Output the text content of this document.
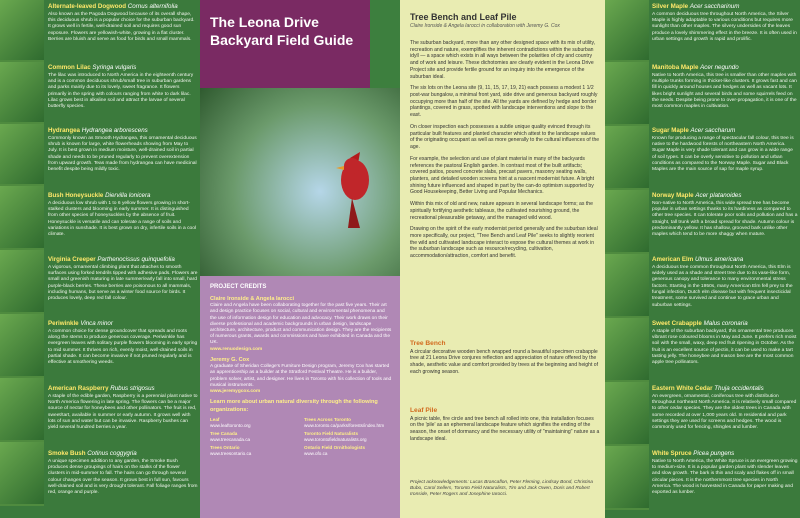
The Leona Drive Backyard Field Guide
Alternate-leaved Dogwood Cornus alternifolia

Also known as the Pagoda Dogwood because of its overall shape, this deciduous shrub is a popular choice for the suburban backyard. It grows well in fertile, well-drained soil and requires good sun exposure. Flowers are yellowish-white, growing in a flat cluster. Berries are bluish and serve as food for birds and small mammals.

Common Lilac Syringa vulgaris

The lilac was introduced to North America in the eighteenth century and is a common deciduous shrub/small tree in suburban gardens and parks mainly due to its lovely, sweet fragrance. It flowers primarily in the spring with colours ranging from white to dark lilac. Lilac grows best in alkaline soil and attract the larvae of several butterfly species.

Hydrangea Hydrangea arborescens

Commonly known as Smooth Hydrangea, this ornamental deciduous shrub is known for large, white flowerheads showing from May to July. It is best grown in medium moisture, well-drained soil in partial shade and needs to be pruned regularly to prevent overextension from upward growth. Teas made from hydrangea can have medicinal benefit despite being mildly toxic.

Bush Honeysuckle Diervilla lonicera

A deciduous low shrub with 1 to 6 yellow flowers growing in short-stalked clusters and blooming in early summer. It is distinguished from other species of honeysuckles by the absence of fruit. Honeysuckle is versatile and can tolerate a range of soils and variations in sunshade. It is best grown on dry, infertile soils in a cool climate.

Virginia Creeper Parthenocissus quinquefolia

A vigorous, ornamental climbing plant that attaches to smooth surfaces using forked tendrils tipped with adhesive pads. Flowers are small and greenish maturing in late summer/early fall into small, hard purple-black berries. These berries are poisonous to all mammals, including humans, but serve as a winter food source for birds. It produces lovely, deep red fall colour.

Periwinkle Vinca minor

A common choice for dense groundcover that spreads and roots along the stems to produce generous coverage. Periwinkle has evergreen leaves with solitary purple flowers blooming in early spring to mid summer. It thrives on rich, evenly moist, well-drained soils in partial shade. It can become invasive if not pruned regularly and is effective at smothering weeds.

American Raspberry Rubus strigosus

A staple of the edible garden, Raspberry is a perennial plant native to North America flowering in late spring. The flowers can be a major source of nectar for honeybees and other pollinators. The fruit is red, sweet/tart, available in summer or early autumn. It grows well with lots of sun and water but can be invasive. Raspberry bushes can yield several hundred berries a year.

Smoke Bush Cotinus coggygria

A unique specimen addition to any garden, the Smoke Bush produces dense groupings of hairs on the stalks of the flower clusters in mid-summer to fall. The hairs can go through several colour changes over the season. It grows best in full sun, favours well-drained soil and is very drought tolerant. Fall foliage ranges from red, orange and purple.

Silver Maple Acer saccharinum

A common deciduous tree throughout North America, the Silver Maple is highly adaptable to various conditions but requires more sunlight than other maples. The silvery undersides of the leaves produce a lovely shimmering effect in the breeze. It is often used in urban settings and growth is rapid and prolific.

Manitoba Maple Acer negundo

Native to North America, this tree is smaller than other maples with multiple trunks forming in thicket-like clusters. It grows fast and can fill in quickly around houses and hedges as well as vacant lots. It likes bright sunlight and several birds and some squirrels feed on the seeds. Despite being prone to over-propagation, it is one of the most common maples in cultivation.

Sugar Maple Acer saccharum

Known for producing a range of spectacular fall colour, this tree is native to the hardwood forests of northeastern North America. Sugar Maple is very shade tolerant and can grow in a wide range of soil types. It can be overly sensitive to pollution and urban conditions as compared to the Norway Maple. Sugar and Black Maples are the main source of sap for maple syrup.

Norway Maple Acer platanoides

Non-native to North America, this wide spread tree has become popular in urban settings thanks to its hardiness as compared to other tree species. It can tolerate poor soils and pollution and has a straight, tall trunk with a broad spread for shade. Autumn colour is predominantly yellow. It has shallow, grooved bark unlike other maples which tend to be more shaggy when mature.

American Elm Ulmus americana

A deciduous tree common throughout North America, this Elm is widely used as a shade and street tree due to its vase-like form, generous canopy and tolerance to many environmental stress factors. Starting in the 1950s, many American Elm fell prey to the fungal infection, Dutch elm disease but with frequent insecticidal treatment, some survived and continue to grace urban and suburban settings.

Sweet Crabapple Malus coronaria

A staple of the suburban backyard, this ornamental tree produces vibrant rose coloured blooms in May and June. It prefers rich moist soil with the small, waxy, deep red fruit ripening in October. As the fruit is an excellent source of pectin, it can be used to make a tart tasting jelly. The honeybee and mason bee are the most common apple tree pollinators.

Eastern White Cedar Thuja occidentalis

An evergreen, ornamental, coniferous tree with distribution throughout northeast North America. It is relatively small compared to other cedar species. They are the oldest trees in Canada with some recorded at over 1,000 years old. In residential and park settings they are used for screens and hedges. The wood is commonly used for fencing, shingles and lumber.

White Spruce Picea pungens

Native to North America, the White Spruce is an evergreen growing to medium-size. It is a popular garden plant with slender leaves and slow growth. The bark is thin and scaly and flakes off in small circular pieces. It is the northernmost tree species in North America. The wood is harvested in Canada for paper making and exported as lumber.

Tree Bench and Leaf Pile
Claire Ironside & Angela Iarocci in collaboration with Jeremy G. Cox

The suburban backyard, more than any other designed space with its mix of utility, recreation and nature, exemplifies the inherent contradictions within the suburban idyll — a space which exists in all ways between the polarities of city and country and of work and leisure. These dichotomies are clearly evident in the Leona Drive Project site and provide fertile ground for an inquiry into the emergence of the suburban ideal.

The six lots on the Leona site (9, 11, 15, 17, 19, 21) each possess a modest 1 1/2 post-war bungalow, a minimal front yard, side drive and generous backyard roughly occupying more than half of the site. All the yards are defined by hedge and border plantings, covered in grass, spotted with landscape interventions and slope to the east.

On closer inspection each possesses a subtle unique quality evinced through its particular built features and planted character which attest to the landscape values of the originating occupant as well as more generally to the cultural influences of the age.

For example, the selection and use of plant material in many of the backyards references the pastoral English garden. In contrast most of the built artifacts; covered patios, poured concrete slabs, precast pavers, masonry seating walls, planters, and detailed wooden screens hint at a nascent modernist future. A bright shining future influenced and shaped in part by the can-do optimism supported by Good Housekeeping, Better Living and Popular Mechanics.

Within this mix of old and new, nature appears in several landscape forms; as the spiritually fortifying aesthetic tableaux, the cultivated nourishing ground, the recreational pleasurable getaway, and the managed wild wood.

Drawing on the spirit of the early modernist period generally and the suburban ideal more specifically, our project, "Tree Bench and Leaf Pile" seeks to slightly reorient the wild and cultivated landscape interact to expose the cultural themes at work in the suburban landscape such as resource/recycling, cultivation, accommodation/attraction, comfort and benefit.

Tree Bench

A circular decorative wooden bench wrapped round a beautiful specimen crabapple tree at 21 Leona Drive conjures reflection and appreciation of nature offered by the shade, aesthetic value and comfort provided by trees at the beginning and height of each growing season.

Leaf Pile

A picnic table, fire circle and tree bench all rolled into one, this installation focuses on the 'pile' as an ephemeral landscape feature which signifies the ending of the season, the onset of dormancy and the necessary utility of "maintaining" nature as a landscape ideal.

Project acknowledgements: Lucas Brancaflon, Peter Fleming, Lindsay Bond, Christina Bubo, Carol Sellers, Toronto Field Naturalists, Tim and Jack Owen, Doris and Robert Ironside, Peter Rogers and Josephine Iarocci.
PROJECT CREDITS
Claire Ironside & Angela Iarocci

Claire and Angela have been collaborating together for the past five years. Their art and design practice focuses on social, cultural and environmental phenomena and the use of information design for education and advocacy. Their work draws on their diverse professional and academic backgrounds in urban design, landscape architecture, architecture, product and communication design. They are the recipients of numerous grants, awards and commissions and have exhibited in Canada and the UK.

www.renuodesign.com

Jeremy G. Cox

A graduate of Sheridan College's Furniture Design program, Jeremy Cox has started an apprenticeship as a builder at the Stratford Festival Theatre. He is a builder, problem solver, artist, and designer. He lives in Toronto with his collection of tools and musical instruments.

www.jeremygcox.com

Learn more about urban natural diversity through the following organizations:
Leaf
www.leaftoronto.org
Trees Across Toronto
www.toronto.ca/parks/forests/index.htm
Tree Canada
www.treecanada.ca
Toronto Field Naturalists
www.torontofieldnaturalists.org
Trees Ontario
www.treesontario.ca
Ontario Field Ornithologists
www.ofo.ca
